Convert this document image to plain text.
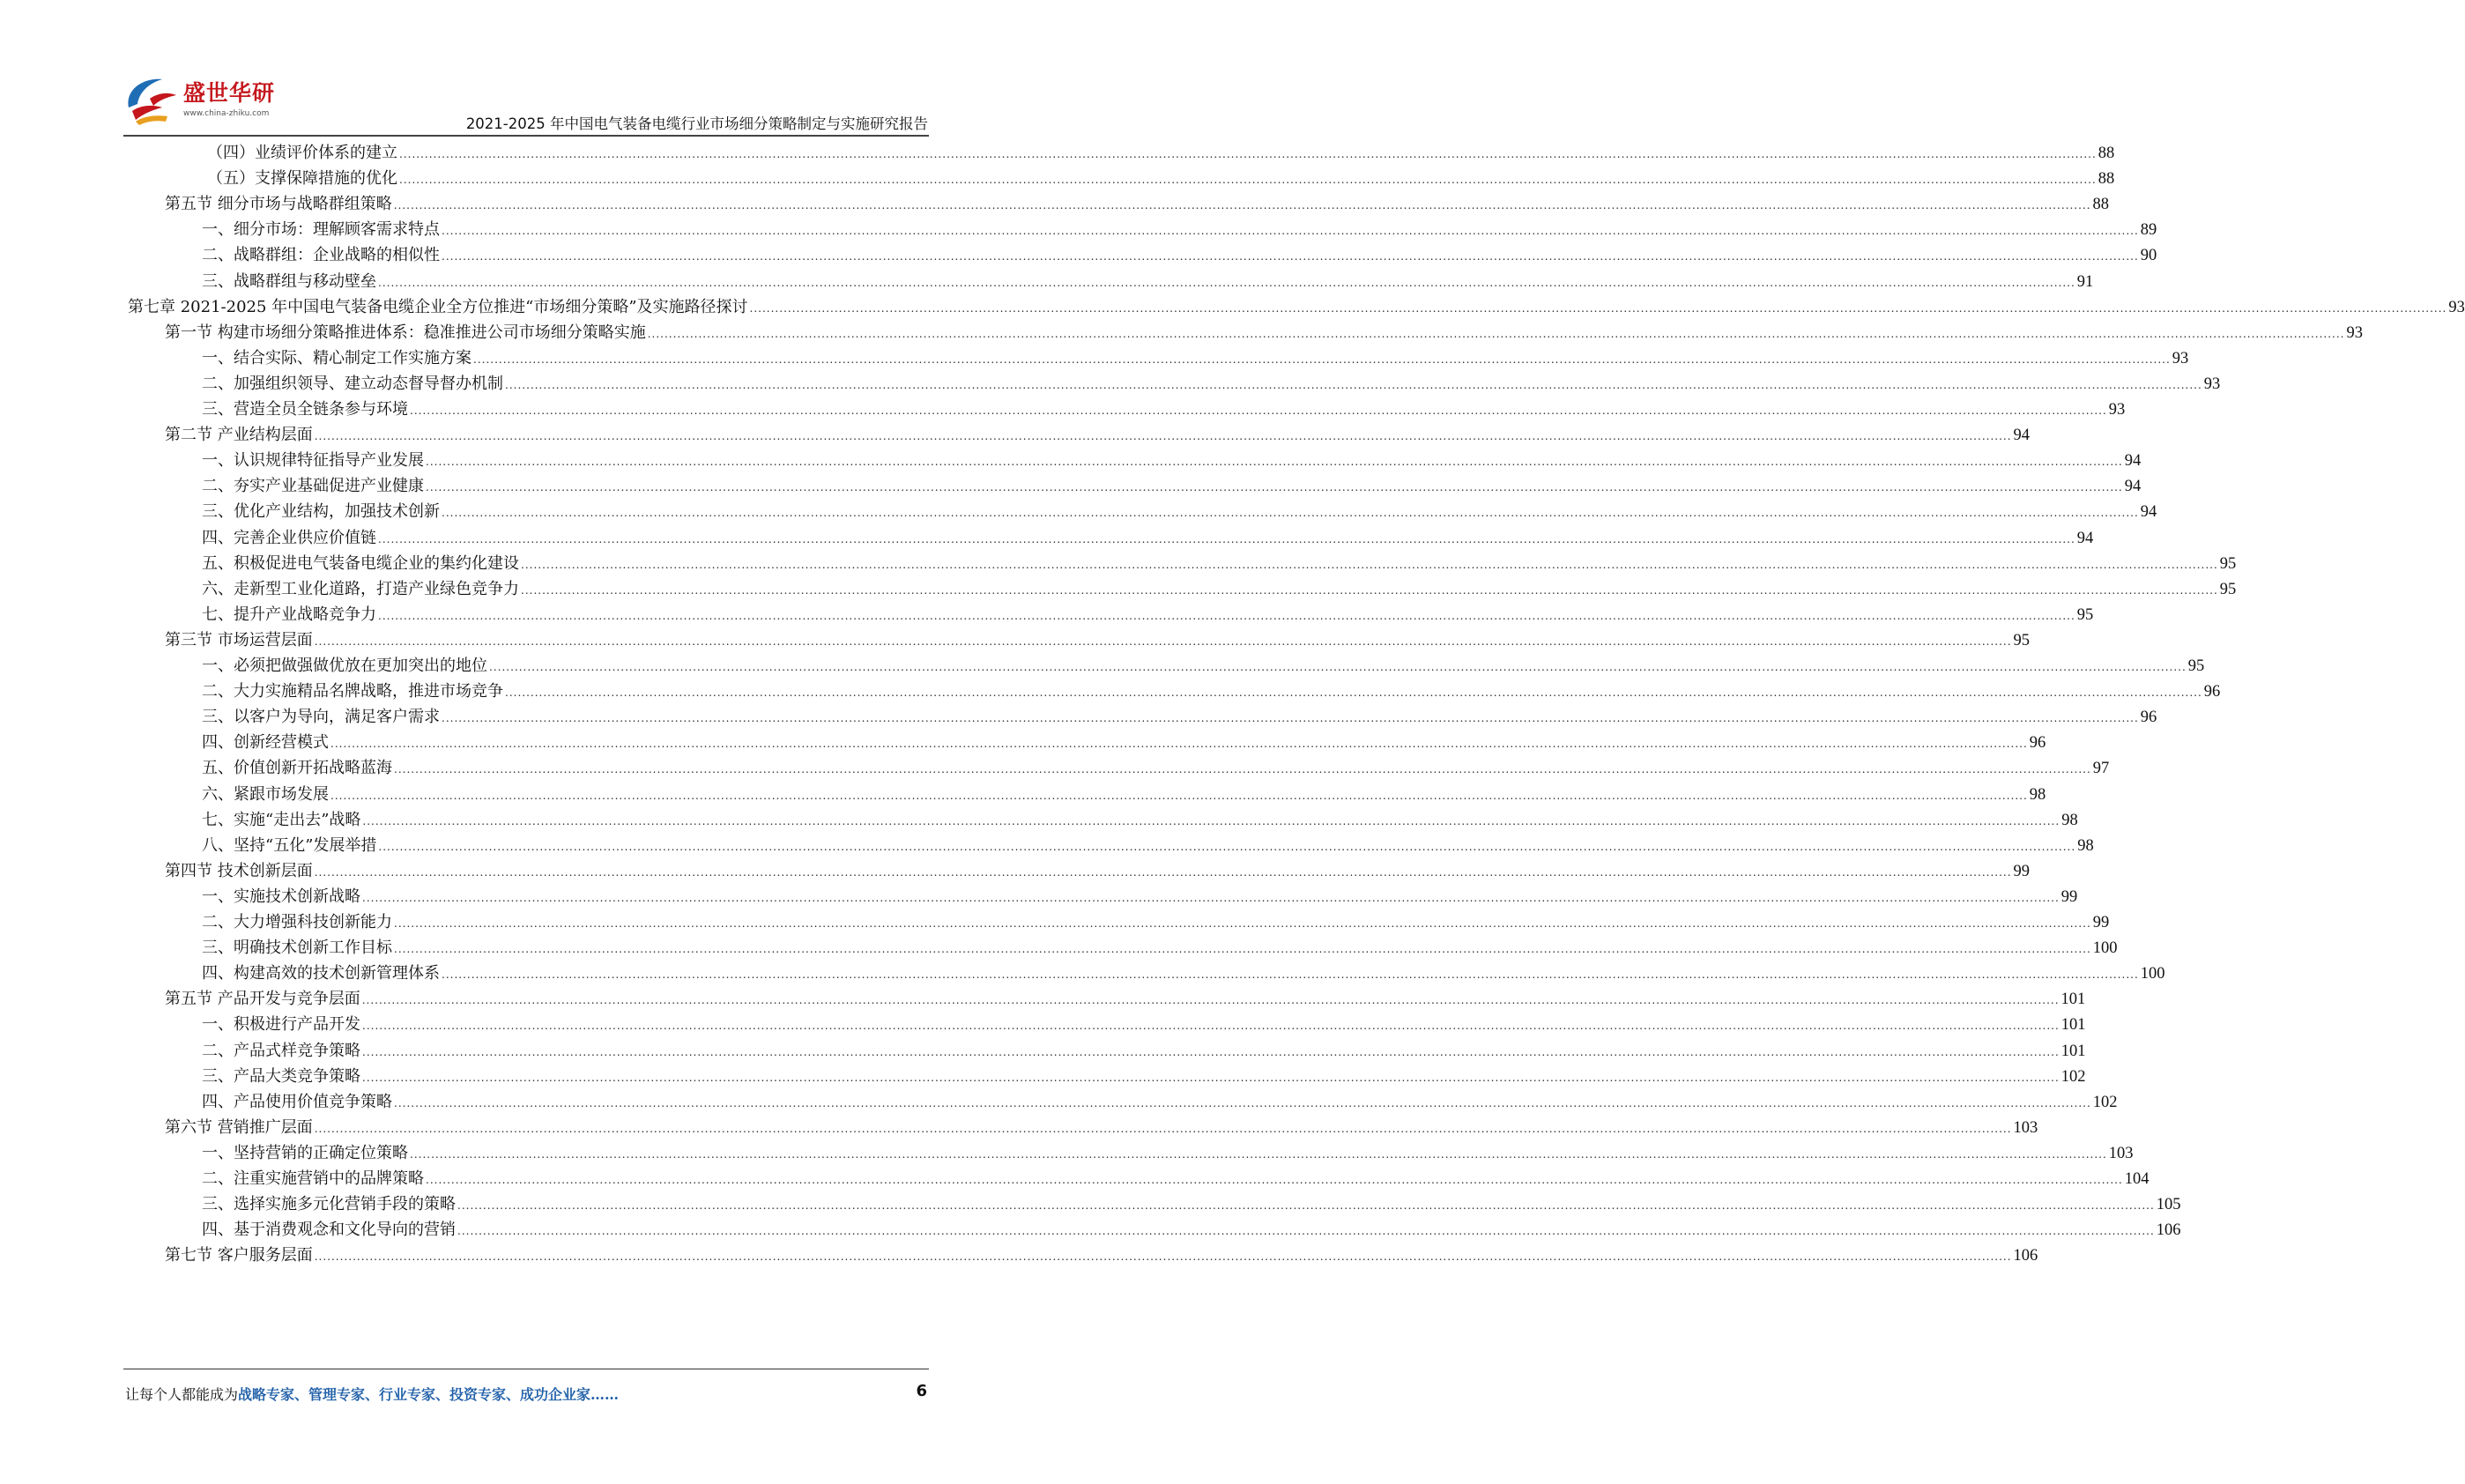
盛世华研
www.china-zhiku.com
2021-2025 年中国电气装备电缆行业市场细分策略制定与实施研究报告
（四）业绩评价体系的建立 ................................................................................................................................................................................................................................................................................................................................................................................................................ 88
（五）支撑保障措施的优化 ................................................................................................................................................................................................................................................................................................................................................................................................................ 88
第五节 细分市场与战略群组策略 ................................................................................................................................................................................................................................................................................................................................................................................................................ 88
一、细分市场：理解顾客需求特点 ................................................................................................................................................................................................................................................................................................................................................................................................................ 89
二、战略群组：企业战略的相似性 ................................................................................................................................................................................................................................................................................................................................................................................................................ 90
三、战略群组与移动壁垒 ................................................................................................................................................................................................................................................................................................................................................................................................................ 91
第七章 2021-2025 年中国电气装备电缆企业全方位推进“市场细分策略”及实施路径探讨 ................................................................................................................................................................................................................................................................................................................................................................................................................ 93
第一节 构建市场细分策略推进体系：稳准推进公司市场细分策略实施 ................................................................................................................................................................................................................................................................................................................................................................................................................ 93
一、结合实际、精心制定工作实施方案 ................................................................................................................................................................................................................................................................................................................................................................................................................ 93
二、加强组织领导、建立动态督导督办机制 ................................................................................................................................................................................................................................................................................................................................................................................................................ 93
三、营造全员全链条参与环境 ................................................................................................................................................................................................................................................................................................................................................................................................................ 93
第二节 产业结构层面 ................................................................................................................................................................................................................................................................................................................................................................................................................ 94
一、认识规律特征指导产业发展 ................................................................................................................................................................................................................................................................................................................................................................................................................ 94
二、夯实产业基础促进产业健康 ................................................................................................................................................................................................................................................................................................................................................................................................................ 94
三、优化产业结构，加强技术创新 ................................................................................................................................................................................................................................................................................................................................................................................................................ 94
四、完善企业供应价值链 ................................................................................................................................................................................................................................................................................................................................................................................................................ 94
五、积极促进电气装备电缆企业的集约化建设 ................................................................................................................................................................................................................................................................................................................................................................................................................ 95
六、走新型工业化道路，打造产业绿色竞争力 ................................................................................................................................................................................................................................................................................................................................................................................................................ 95
七、提升产业战略竞争力 ................................................................................................................................................................................................................................................................................................................................................................................................................ 95
第三节 市场运营层面 ................................................................................................................................................................................................................................................................................................................................................................................................................ 95
一、必须把做强做优放在更加突出的地位 ................................................................................................................................................................................................................................................................................................................................................................................................................ 95
二、大力实施精品名牌战略，推进市场竞争 ................................................................................................................................................................................................................................................................................................................................................................................................................ 96
三、以客户为导向，满足客户需求 ................................................................................................................................................................................................................................................................................................................................................................................................................ 96
四、创新经营模式 ................................................................................................................................................................................................................................................................................................................................................................................................................ 96
五、价值创新开拓战略蓝海 ................................................................................................................................................................................................................................................................................................................................................................................................................ 97
六、紧跟市场发展 ................................................................................................................................................................................................................................................................................................................................................................................................................ 98
七、实施“走出去”战略 ................................................................................................................................................................................................................................................................................................................................................................................................................ 98
八、坚持“五化”发展举措 ................................................................................................................................................................................................................................................................................................................................................................................................................ 98
第四节 技术创新层面 ................................................................................................................................................................................................................................................................................................................................................................................................................ 99
一、实施技术创新战略 ................................................................................................................................................................................................................................................................................................................................................................................................................ 99
二、大力增强科技创新能力 ................................................................................................................................................................................................................................................................................................................................................................................................................ 99
三、明确技术创新工作目标 ................................................................................................................................................................................................................................................................................................................................................................................................................ 100
四、构建高效的技术创新管理体系 ................................................................................................................................................................................................................................................................................................................................................................................................................ 100
第五节 产品开发与竞争层面 ................................................................................................................................................................................................................................................................................................................................................................................................................ 101
一、积极进行产品开发 ................................................................................................................................................................................................................................................................................................................................................................................................................ 101
二、产品式样竞争策略 ................................................................................................................................................................................................................................................................................................................................................................................................................ 101
三、产品大类竞争策略 ................................................................................................................................................................................................................................................................................................................................................................................................................ 102
四、产品使用价值竞争策略 ................................................................................................................................................................................................................................................................................................................................................................................................................ 102
第六节 营销推广层面 ................................................................................................................................................................................................................................................................................................................................................................................................................ 103
一、坚持营销的正确定位策略 ................................................................................................................................................................................................................................................................................................................................................................................................................ 103
二、注重实施营销中的品牌策略 ................................................................................................................................................................................................................................................................................................................................................................................................................ 104
三、选择实施多元化营销手段的策略 ................................................................................................................................................................................................................................................................................................................................................................................................................ 105
四、基于消费观念和文化导向的营销 ................................................................................................................................................................................................................................................................................................................................................................................................................ 106
第七节 客户服务层面 ................................................................................................................................................................................................................................................................................................................................................................................................................ 106
让每个人都能成为战略专家、管理专家、行业专家、投资专家、成功企业家……	6
